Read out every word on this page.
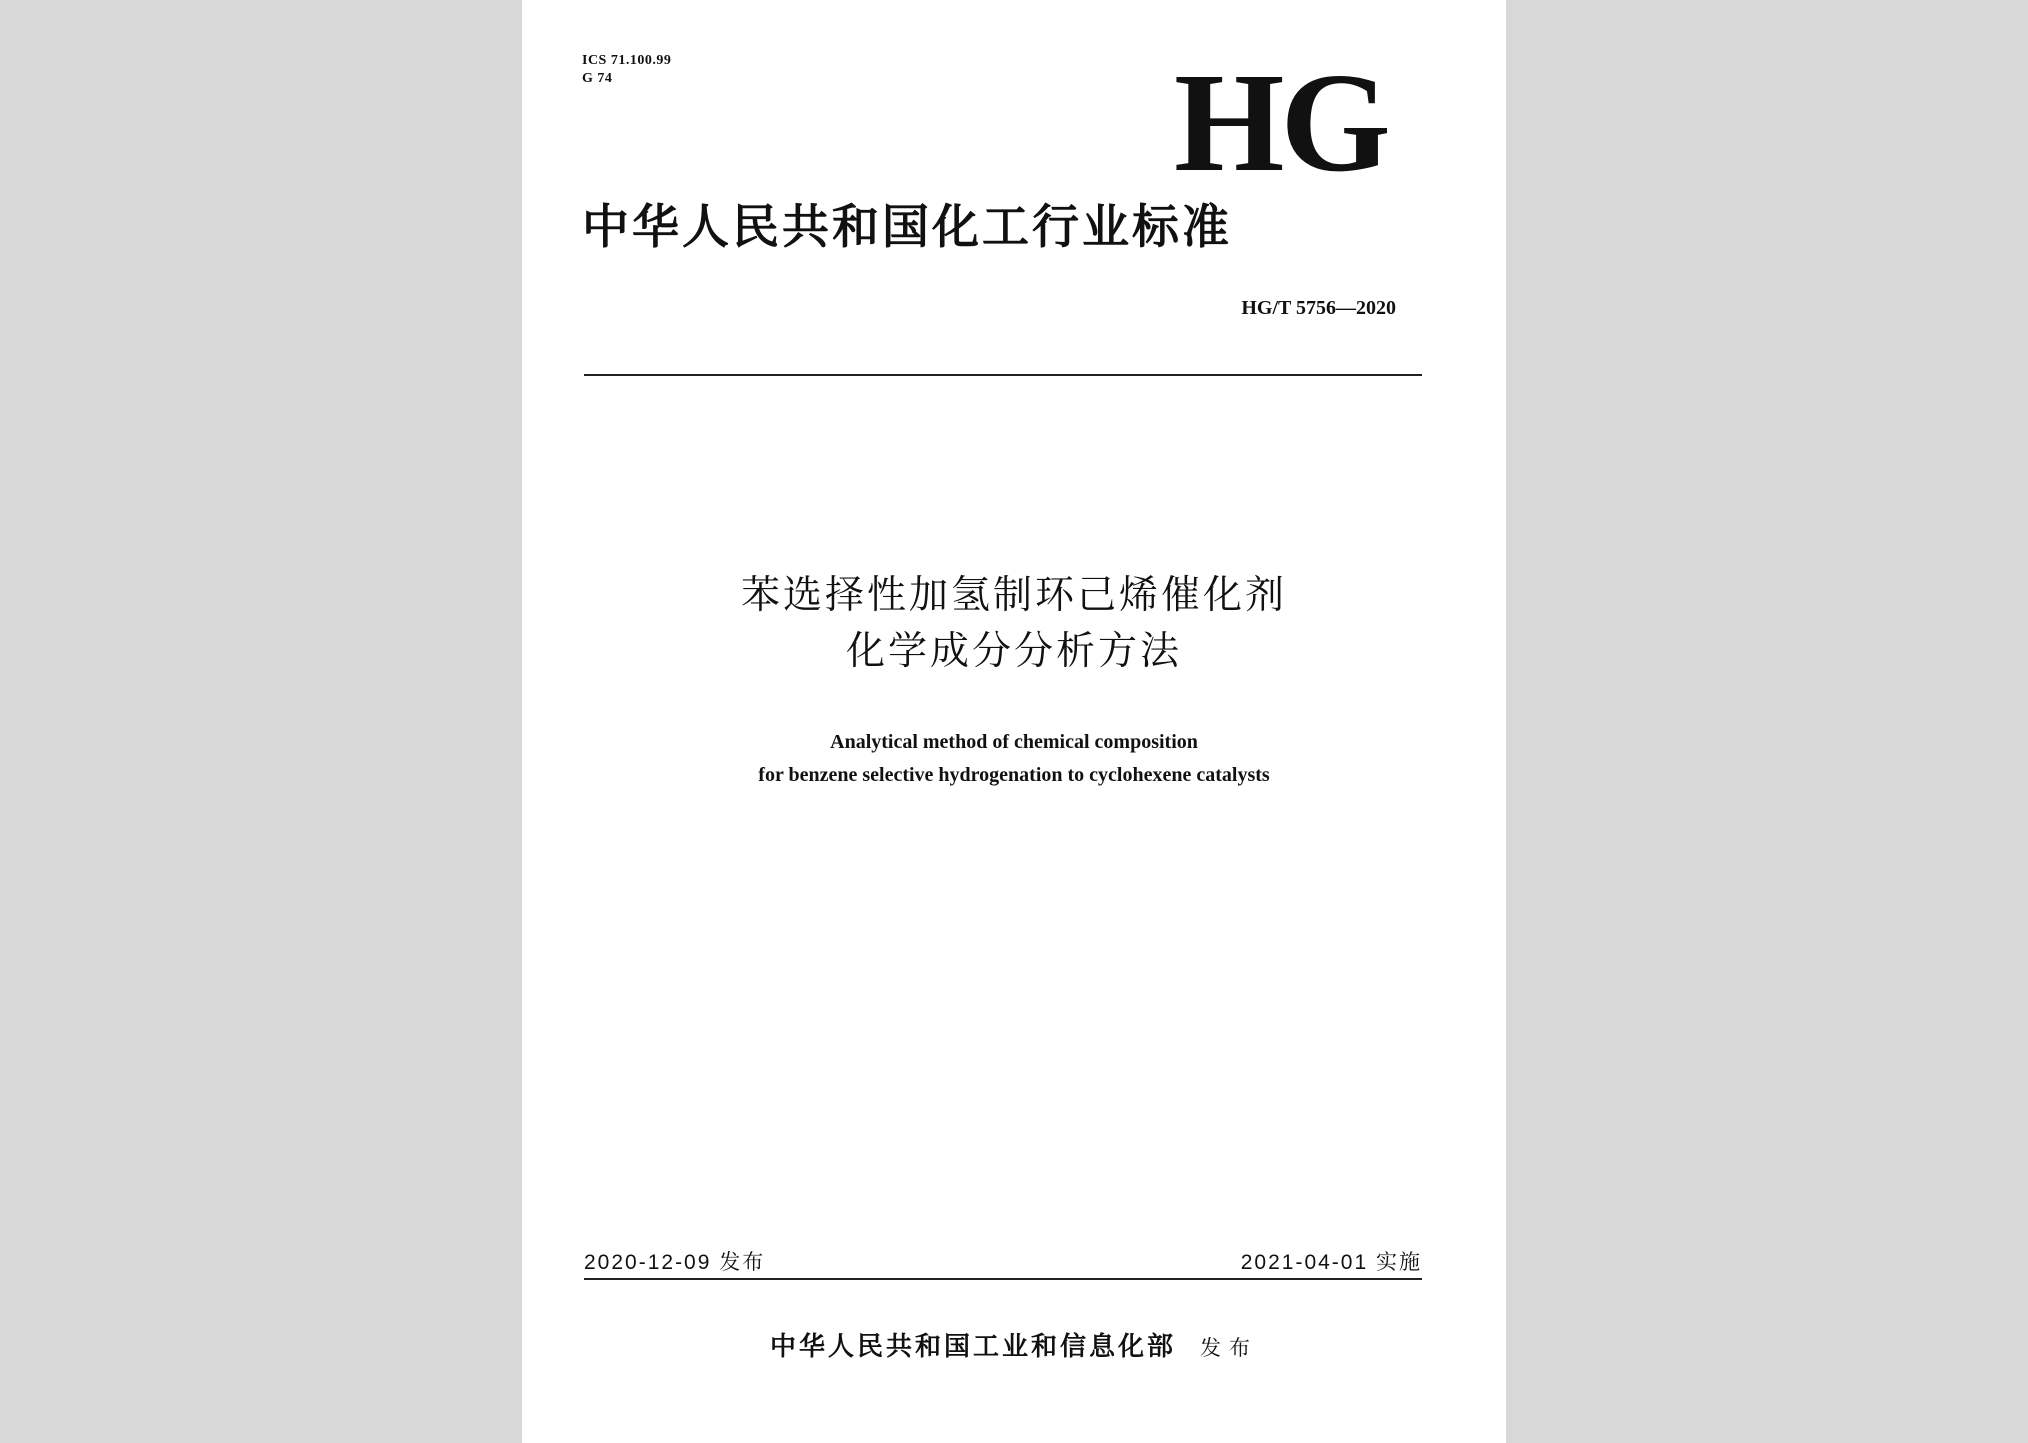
ICS 71.100.99
G 74	HG
中华人民共和国化工行业标准
HG/T 5756—2020
苯选择性加氢制环己烯催化剂
化学成分分析方法
Analytical method of chemical composition
for benzene selective hydrogenation to cyclohexene catalysts
2020-12-09 发布	2021-04-01 实施
中华人民共和国工业和信息化部 发布
